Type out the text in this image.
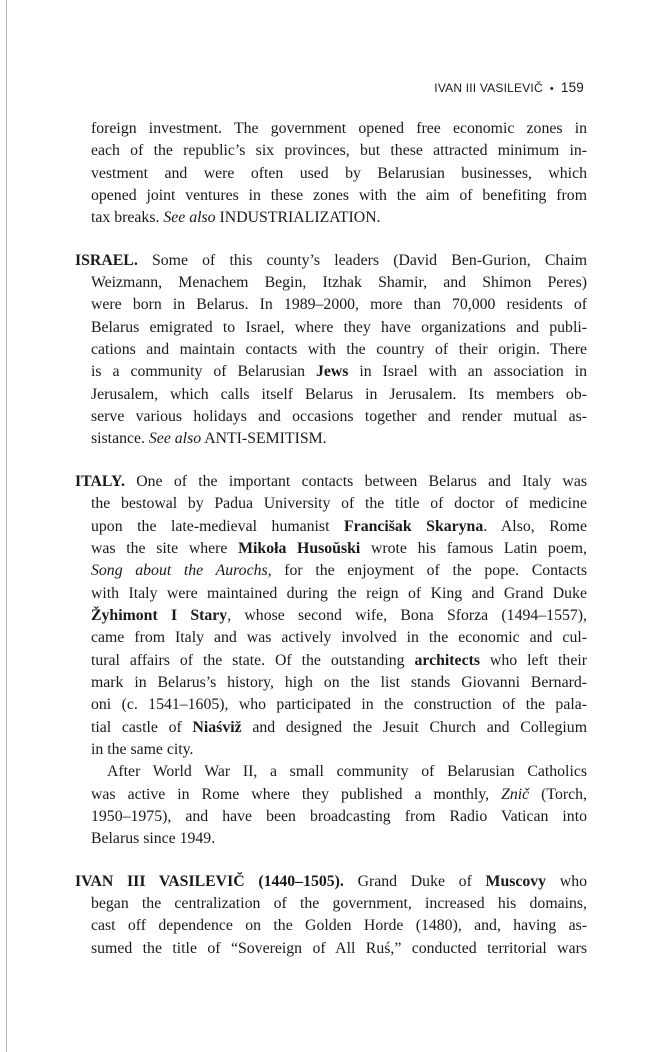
IVAN III VASILEVIČ • 159
foreign investment. The government opened free economic zones in
each of the republic’s six provinces, but these attracted minimum in-
vestment and were often used by Belarusian businesses, which
opened joint ventures in these zones with the aim of benefiting from
tax breaks. See also INDUSTRIALIZATION.
ISRAEL. Some of this county’s leaders (David Ben-Gurion, Chaim
Weizmann, Menachem Begin, Itzhak Shamir, and Shimon Peres)
were born in Belarus. In 1989–2000, more than 70,000 residents of
Belarus emigrated to Israel, where they have organizations and publi-
cations and maintain contacts with the country of their origin. There
is a community of Belarusian Jews in Israel with an association in
Jerusalem, which calls itself Belarus in Jerusalem. Its members ob-
serve various holidays and occasions together and render mutual as-
sistance. See also ANTI-SEMITISM.
ITALY. One of the important contacts between Belarus and Italy was
the bestowal by Padua University of the title of doctor of medicine
upon the late-medieval humanist Francišak Skaryna. Also, Rome
was the site where Mikoła Husoŭski wrote his famous Latin poem,
Song about the Aurochs, for the enjoyment of the pope. Contacts
with Italy were maintained during the reign of King and Grand Duke
Žyhimont I Stary, whose second wife, Bona Sforza (1494–1557),
came from Italy and was actively involved in the economic and cul-
tural affairs of the state. Of the outstanding architects who left their
mark in Belarus’s history, high on the list stands Giovanni Bernard-
oni (c. 1541–1605), who participated in the construction of the pala-
tial castle of Niaśviž and designed the Jesuit Church and Collegium
in the same city.
After World War II, a small community of Belarusian Catholics
was active in Rome where they published a monthly, Znič (Torch,
1950–1975), and have been broadcasting from Radio Vatican into
Belarus since 1949.
IVAN III VASILEVIČ (1440–1505). Grand Duke of Muscovy who
began the centralization of the government, increased his domains,
cast off dependence on the Golden Horde (1480), and, having as-
sumed the title of “Sovereign of All Ruś,” conducted territorial wars
